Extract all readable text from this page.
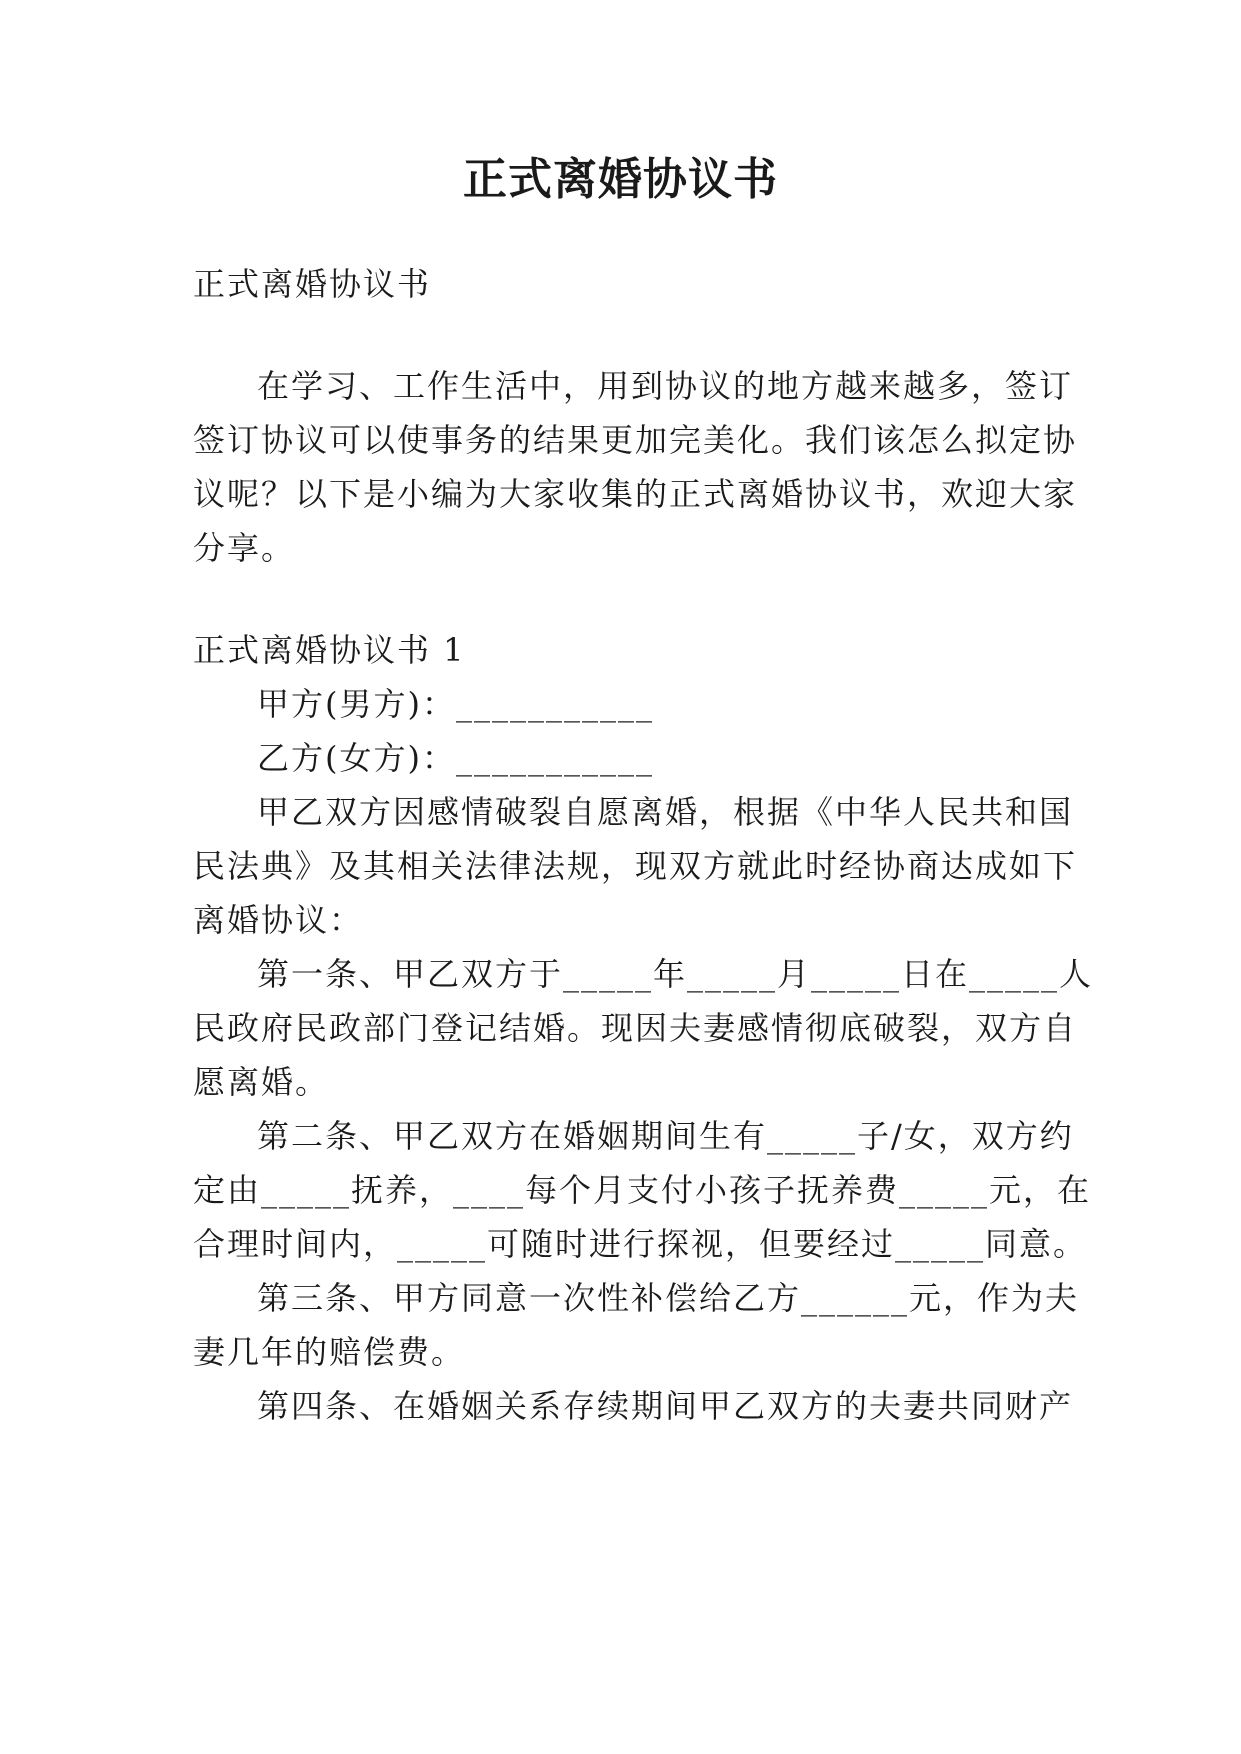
正式离婚协议书
正式离婚协议书
在学习、工作生活中，用到协议的地方越来越多，签订
签订协议可以使事务的结果更加完美化。我们该怎么拟定协
议呢？以下是小编为大家收集的正式离婚协议书，欢迎大家
分享。
正式离婚协议书 1
甲方(男方)：___________
乙方(女方)：___________
甲乙双方因感情破裂自愿离婚，根据《中华人民共和国
民法典》及其相关法律法规，现双方就此时经协商达成如下
离婚协议：
第一条、甲乙双方于_____年_____月_____日在_____人
民政府民政部门登记结婚。现因夫妻感情彻底破裂，双方自
愿离婚。
第二条、甲乙双方在婚姻期间生有_____子/女，双方约
定由_____抚养，____每个月支付小孩子抚养费_____元，在
合理时间内，_____可随时进行探视，但要经过_____同意。
第三条、甲方同意一次性补偿给乙方______元，作为夫
妻几年的赔偿费。
第四条、在婚姻关系存续期间甲乙双方的夫妻共同财产
